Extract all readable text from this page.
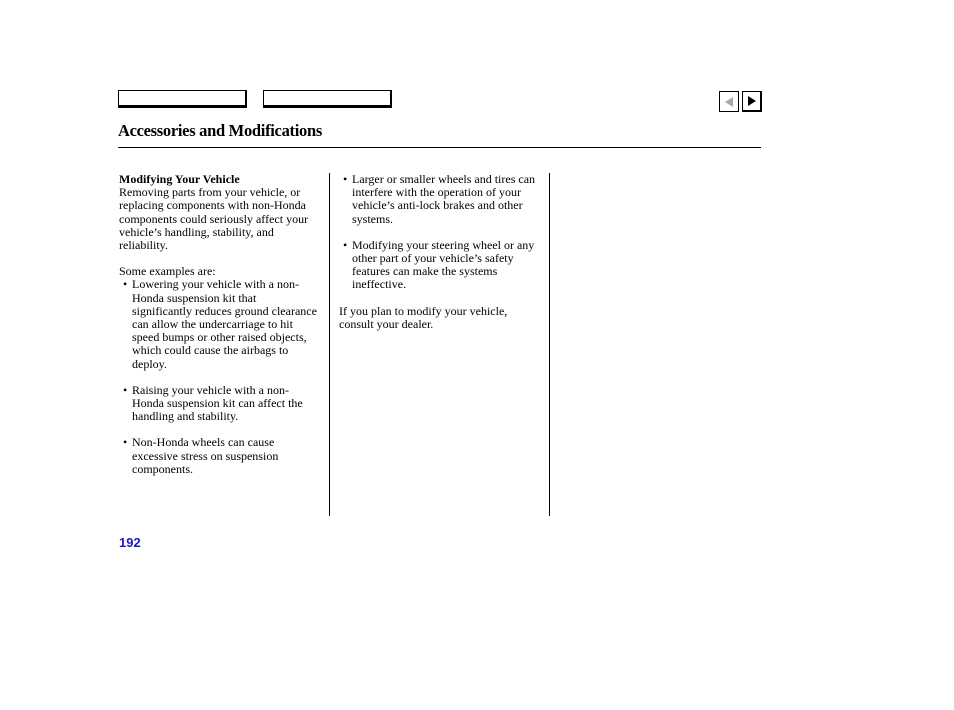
Accessories and Modifications

Modifying Your Vehicle

Removing parts from your vehicle, or replacing components with non-Honda components could seriously affect your vehicle’s handling, stability, and reliability.

Some examples are:

• Lowering your vehicle with a non-Honda suspension kit that significantly reduces ground clearance can allow the undercarriage to hit speed bumps or other raised objects, which could cause the airbags to deploy.
• Raising your vehicle with a non-Honda suspension kit can affect the handling and stability.
• Non-Honda wheels can cause excessive stress on suspension components.
• Larger or smaller wheels and tires can interfere with the operation of your vehicle’s anti-lock brakes and other systems.
• Modifying your steering wheel or any other part of your vehicle’s safety features can make the systems ineffective.

If you plan to modify your vehicle, consult your dealer.

192
